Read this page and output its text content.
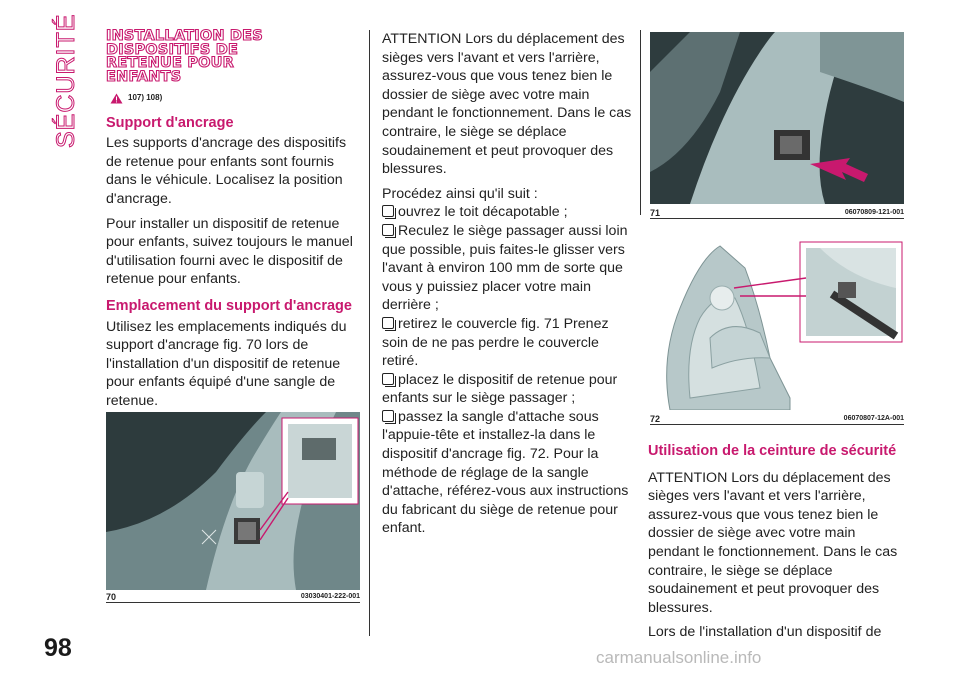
SÉCURITÉ INSTALLATION DES
DISPOSITIFS DE
RETENUE POUR
ENFANTS
107) 108)
Support d'ancrage

Les supports d'ancrage des dispositifs de retenue pour enfants sont fournis dans le véhicule. Localisez la position d'ancrage.

Pour installer un dispositif de retenue pour enfants, suivez toujours le manuel d'utilisation fourni avec le dispositif de retenue pour enfants.

Emplacement du support d'ancrage

Utilisez les emplacements indiqués du support d'ancrage fig. 70 lors de l'installation d'un dispositif de retenue pour enfants équipé d'une sangle de retenue.

ATTENTION Lors du déplacement des sièges vers l'avant et vers l'arrière, assurez-vous que vous tenez bien le dossier de siège avec votre main pendant le fonctionnement. Dans le cas contraire, le siège se déplace soudainement et peut provoquer des blessures.

Procédez ainsi qu'il suit :

ouvrez le toit décapotable ;
Reculez le siège passager aussi loin que possible, puis faites-le glisser vers l'avant à environ 100 mm de sorte que vous y puissiez placer votre main derrière ;
retirez le couvercle fig. 71 Prenez soin de ne pas perdre le couvercle retiré.
placez le dispositif de retenue pour enfants sur le siège passager ;
passez la sangle d'attache sous l'appuie-tête et installez-la dans le dispositif d'ancrage fig. 72. Pour la méthode de réglage de la sangle d'attache, référez-vous aux instructions du fabricant du siège de retenue pour enfant.
Utilisation de la ceinture de sécurité

ATTENTION Lors du déplacement des sièges vers l'avant et vers l'arrière, assurez-vous que vous tenez bien le dossier de siège avec votre main pendant le fonctionnement. Dans le cas contraire, le siège se déplace soudainement et peut provoquer des blessures.

Lors de l'installation d'un dispositif de

70	03030401-222-001
71	06070809-121-001
72	06070807-12A-001
98	carmanualsonline.info
